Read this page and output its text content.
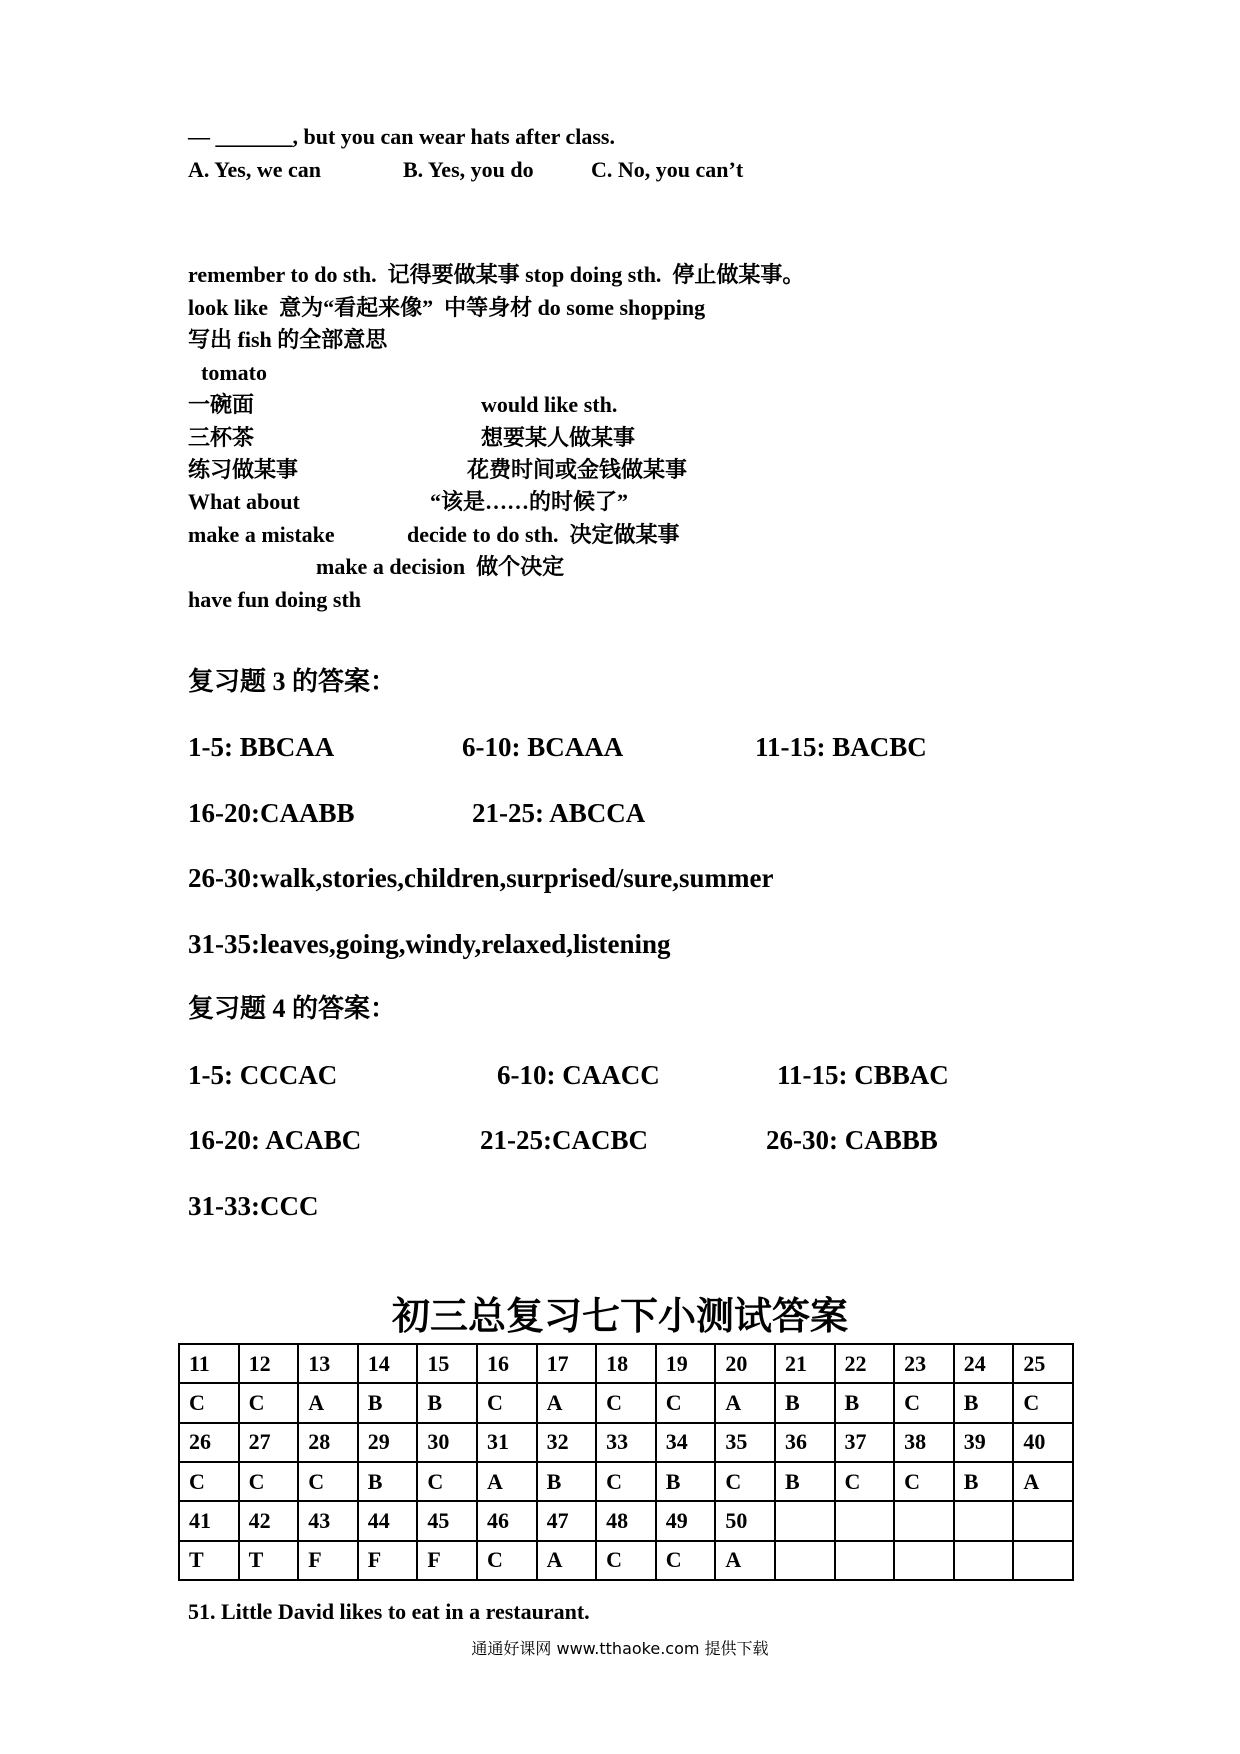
— _______, but you can wear hats after class.
A. Yes, we can	B. Yes, you do	C. No, you can’t
remember to do sth.  记得要做某事 stop doing sth.  停止做某事。
look like  意为“看起来像”  中等身材 do some shopping
写出 fish 的全部意思
tomato
一碗面	would like sth.
三杯茶	想要某人做某事
练习做某事	花费时间或金钱做某事
What about	“该是……的时候了”
make a mistake	decide to do sth.  决定做某事
make a decision  做个决定
have fun doing sth
复习题 3 的答案：
1-5: BBCAA	6-10: BCAAA	11-15: BACBC
16-20:CAABB	21-25: ABCCA
26-30:walk,stories,children,surprised/sure,summer
31-35:leaves,going,windy,relaxed,listening
复习题 4 的答案：
1-5: CCCAC	6-10: CAACC	11-15: CBBAC
16-20: ACABC	21-25:CACBC	26-30: CABBB
31-33:CCC
初三总复习七下小测试答案
11	12	13	14	15	16	17	18	19	20	21	22	23	24	25
C	C	A	B	B	C	A	C	C	A	B	B	C	B	C
26	27	28	29	30	31	32	33	34	35	36	37	38	39	40
C	C	C	B	C	A	B	C	B	C	B	C	C	B	A
41	42	43	44	45	46	47	48	49	50					
T	T	F	F	F	C	A	C	C	A					
51. Little David likes to eat in a restaurant.
通通好课网 www.tthaoke.com 提供下载
